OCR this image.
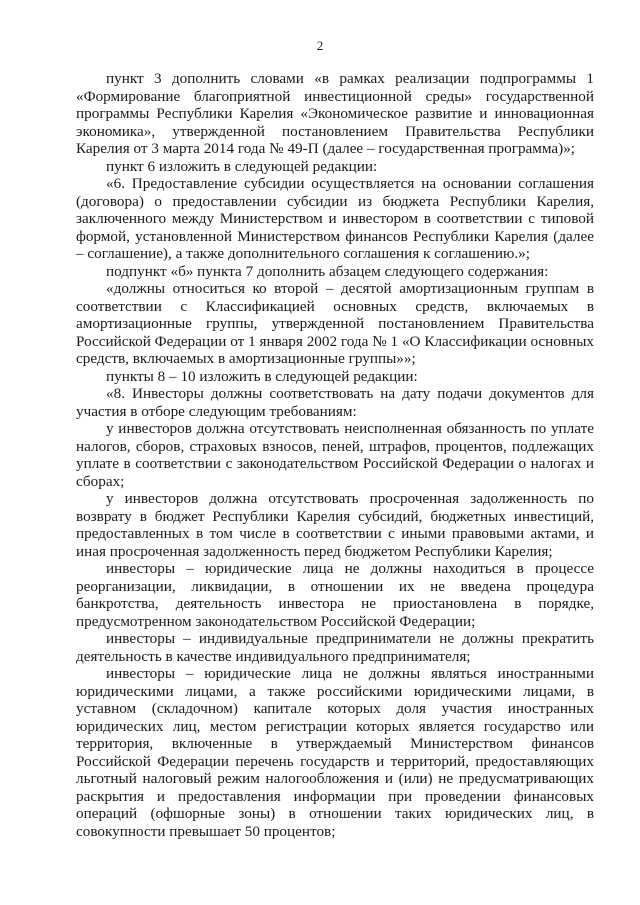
2

пункт 3 дополнить словами «в рамках реализации подпрограммы 1 «Формирование благоприятной инвестиционной среды» государственной программы Республики Карелия «Экономическое развитие и инновационная экономика», утвержденной постановлением Правительства Республики Карелия от 3 марта 2014 года № 49-П (далее – государственная программа)»;

пункт 6 изложить в следующей редакции:

«6. Предоставление субсидии осуществляется на основании соглашения (договора) о предоставлении субсидии из бюджета Республики Карелия, заключенного между Министерством и инвестором в соответствии с типовой формой, установленной Министерством финансов Республики Карелия (далее – соглашение), а также дополнительного соглашения к соглашению.»;

подпункт «б» пункта 7 дополнить абзацем следующего содержания:

«должны относиться ко второй – десятой амортизационным группам в соответствии с Классификацией основных средств, включаемых в амортизационные группы, утвержденной постановлением Правительства Российской Федерации от 1 января 2002 года № 1 «О Классификации основных средств, включаемых в амортизационные группы»»;

пункты 8 – 10 изложить в следующей редакции:

«8. Инвесторы должны соответствовать на дату подачи документов для участия в отборе следующим требованиям:

у инвесторов должна отсутствовать неисполненная обязанность по уплате налогов, сборов, страховых взносов, пеней, штрафов, процентов, подлежащих уплате в соответствии с законодательством Российской Федерации о налогах и сборах;

у инвесторов должна отсутствовать просроченная задолженность по возврату в бюджет Республики Карелия субсидий, бюджетных инвестиций, предоставленных в том числе в соответствии с иными правовыми актами, и иная просроченная задолженность перед бюджетом Республики Карелия;

инвесторы – юридические лица не должны находиться в процессе реорганизации, ликвидации, в отношении их не введена процедура банкротства, деятельность инвестора не приостановлена в порядке, предусмотренном законодательством Российской Федерации;

инвесторы – индивидуальные предприниматели не должны прекратить деятельность в качестве индивидуального предпринимателя;

инвесторы – юридические лица не должны являться иностранными юридическими лицами, а также российскими юридическими лицами, в уставном (складочном) капитале которых доля участия иностранных юридических лиц, местом регистрации которых является государство или территория, включенные в утверждаемый Министерством финансов Российской Федерации перечень государств и территорий, предоставляющих льготный налоговый режим налогообложения и (или) не предусматривающих раскрытия и предоставления информации при проведении финансовых операций (офшорные зоны) в отношении таких юридических лиц, в совокупности превышает 50 процентов;
